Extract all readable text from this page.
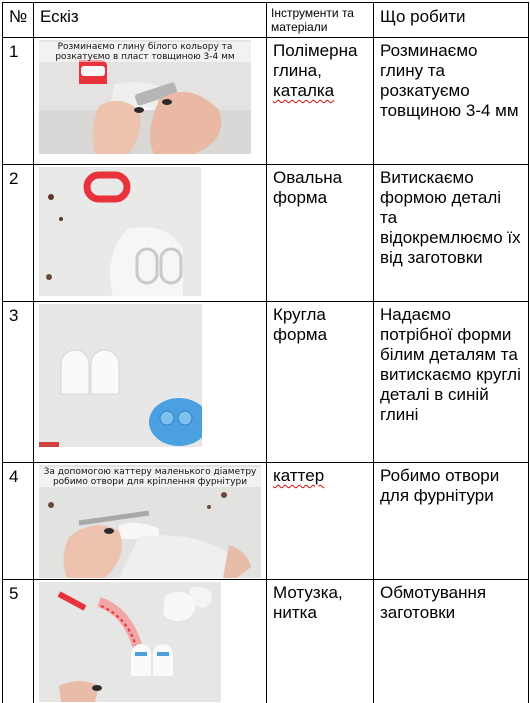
№	Ескіз	Інструменти та матеріали	Що робити
1	Розминаємо глину білого кольору та розкатуємо в пласт товщиною 3-4 мм	Полімерна
глина,
каталка	Розминаємо глину та розкатуємо товщиною 3-4 мм
2		Овальна
форма	Витискаємо формою деталі та відокремлюємо їх від заготовки
3		Кругла
форма	Надаємо потрібної форми білим деталям та витискаємо круглі деталі в синій глині
4	За допомогою каттеру маленького діаметру робимо отвори для кріплення фурнітури	каттер	Робимо отвори для фурнітури
5		Мотузка,
нитка	Обмотування заготовки
